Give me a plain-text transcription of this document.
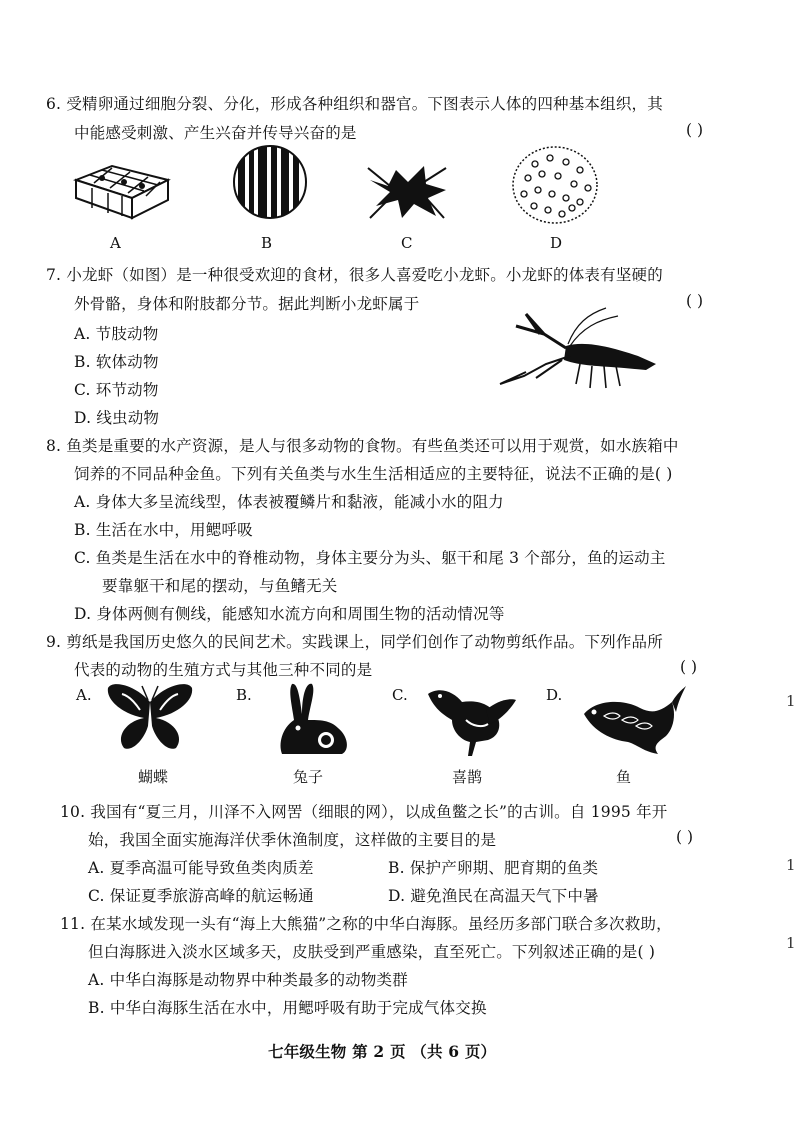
6. 受精卵通过细胞分裂、分化，形成各种组织和器官。下图表示人体的四种基本组织，其
中能感受刺激、产生兴奋并传导兴奋的是	( )
A	B	C	D
7. 小龙虾（如图）是一种很受欢迎的食材，很多人喜爱吃小龙虾。小龙虾的体表有坚硬的
外骨骼，身体和附肢都分节。据此判断小龙虾属于	( )
A. 节肢动物
B. 软体动物
C. 环节动物
D. 线虫动物
8. 鱼类是重要的水产资源，是人与很多动物的食物。有些鱼类还可以用于观赏，如水族箱中
饲养的不同品种金鱼。下列有关鱼类与水生生活相适应的主要特征，说法不正确的是( )
A. 身体大多呈流线型，体表被覆鳞片和黏液，能减小水的阻力
B. 生活在水中，用鳃呼吸
C. 鱼类是生活在水中的脊椎动物，身体主要分为头、躯干和尾 3 个部分，鱼的运动主
要靠躯干和尾的摆动，与鱼鳍无关
D. 身体两侧有侧线，能感知水流方向和周围生物的活动情况等
9. 剪纸是我国历史悠久的民间艺术。实践课上，同学们创作了动物剪纸作品。下列作品所
代表的动物的生殖方式与其他三种不同的是	( )
A.	B.	C.	D.
蝴蝶	兔子	喜鹊	鱼
10. 我国有“夏三月，川泽不入网罟（细眼的网），以成鱼鳖之长”的古训。自 1995 年开
始，我国全面实施海洋伏季休渔制度，这样做的主要目的是	( )
A. 夏季高温可能导致鱼类肉质差	B. 保护产卵期、肥育期的鱼类
C. 保证夏季旅游高峰的航运畅通	D. 避免渔民在高温天气下中暑
11. 在某水域发现一头有“海上大熊猫”之称的中华白海豚。虽经历多部门联合多次救助，
但白海豚进入淡水区域多天，皮肤受到严重感染，直至死亡。下列叙述正确的是( )
A. 中华白海豚是动物界中种类最多的动物类群
B. 中华白海豚生活在水中，用鳃呼吸有助于完成气体交换
七年级生物 第 2 页 （共 6 页）
1
1
1
